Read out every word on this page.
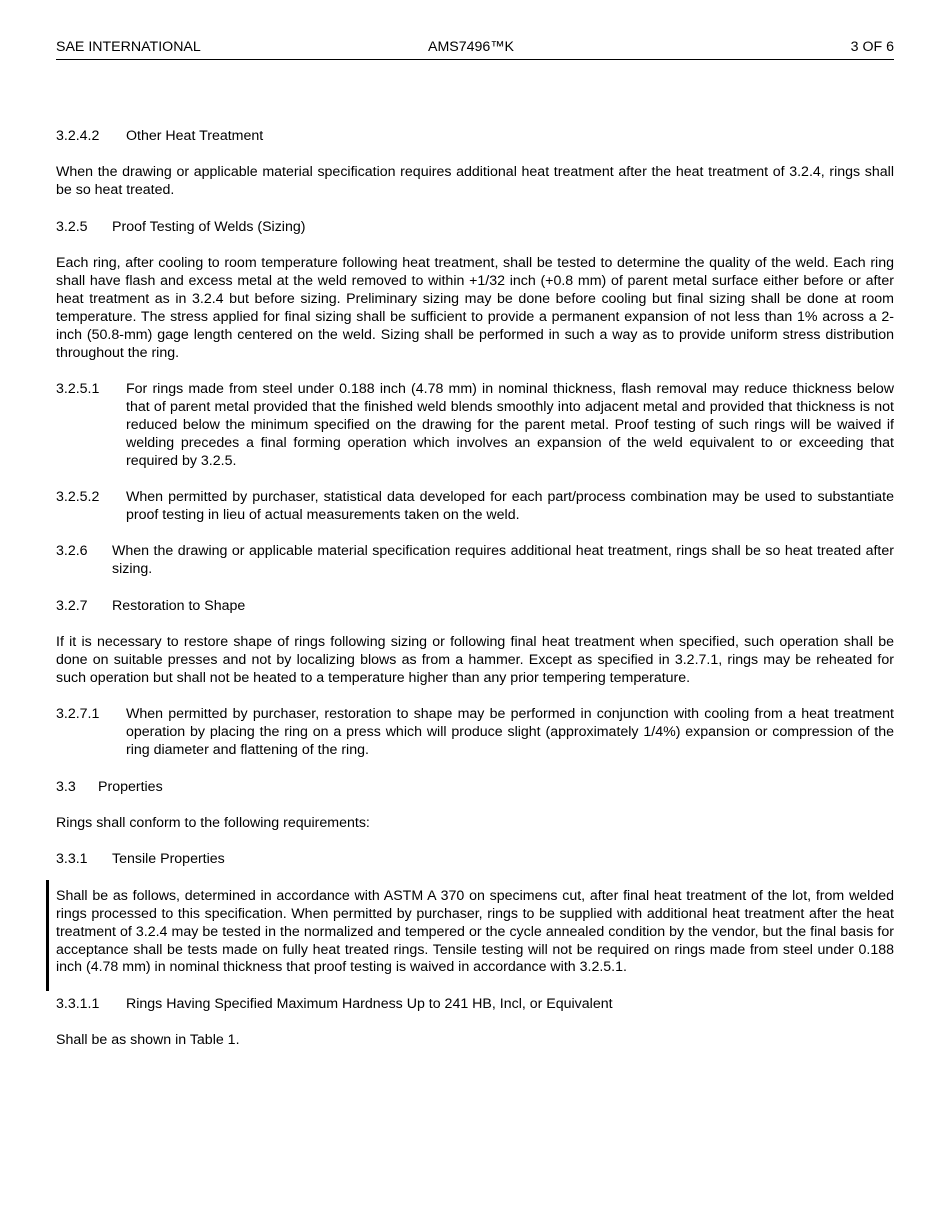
SAE INTERNATIONAL	AMS7496™K	3 OF 6
3.2.4.2 Other Heat Treatment

When the drawing or applicable material specification requires additional heat treatment after the heat treatment of 3.2.4, rings shall be so heat treated.

3.2.5 Proof Testing of Welds (Sizing)

Each ring, after cooling to room temperature following heat treatment, shall be tested to determine the quality of the weld. Each ring shall have flash and excess metal at the weld removed to within +1/32 inch (+0.8 mm) of parent metal surface either before or after heat treatment as in 3.2.4 but before sizing. Preliminary sizing may be done before cooling but final sizing shall be done at room temperature. The stress applied for final sizing shall be sufficient to provide a permanent expansion of not less than 1% across a 2-inch (50.8-mm) gage length centered on the weld. Sizing shall be performed in such a way as to provide uniform stress distribution throughout the ring.

3.2.5.1 For rings made from steel under 0.188 inch (4.78 mm) in nominal thickness, flash removal may reduce thickness below that of parent metal provided that the finished weld blends smoothly into adjacent metal and provided that thickness is not reduced below the minimum specified on the drawing for the parent metal. Proof testing of such rings will be waived if welding precedes a final forming operation which involves an expansion of the weld equivalent to or exceeding that required by 3.2.5.
3.2.5.2 When permitted by purchaser, statistical data developed for each part/process combination may be used to substantiate proof testing in lieu of actual measurements taken on the weld.
3.2.6 When the drawing or applicable material specification requires additional heat treatment, rings shall be so heat treated after sizing.
3.2.7 Restoration to Shape

If it is necessary to restore shape of rings following sizing or following final heat treatment when specified, such operation shall be done on suitable presses and not by localizing blows as from a hammer. Except as specified in 3.2.7.1, rings may be reheated for such operation but shall not be heated to a temperature higher than any prior tempering temperature.

3.2.7.1 When permitted by purchaser, restoration to shape may be performed in conjunction with cooling from a heat treatment operation by placing the ring on a press which will produce slight (approximately 1/4%) expansion or compression of the ring diameter and flattening of the ring.
3.3 Properties

Rings shall conform to the following requirements:

3.3.1 Tensile Properties

Shall be as follows, determined in accordance with ASTM A 370 on specimens cut, after final heat treatment of the lot, from welded rings processed to this specification. When permitted by purchaser, rings to be supplied with additional heat treatment after the heat treatment of 3.2.4 may be tested in the normalized and tempered or the cycle annealed condition by the vendor, but the final basis for acceptance shall be tests made on fully heat treated rings. Tensile testing will not be required on rings made from steel under 0.188 inch (4.78 mm) in nominal thickness that proof testing is waived in accordance with 3.2.5.1.

3.3.1.1 Rings Having Specified Maximum Hardness Up to 241 HB, Incl, or Equivalent

Shall be as shown in Table 1.
